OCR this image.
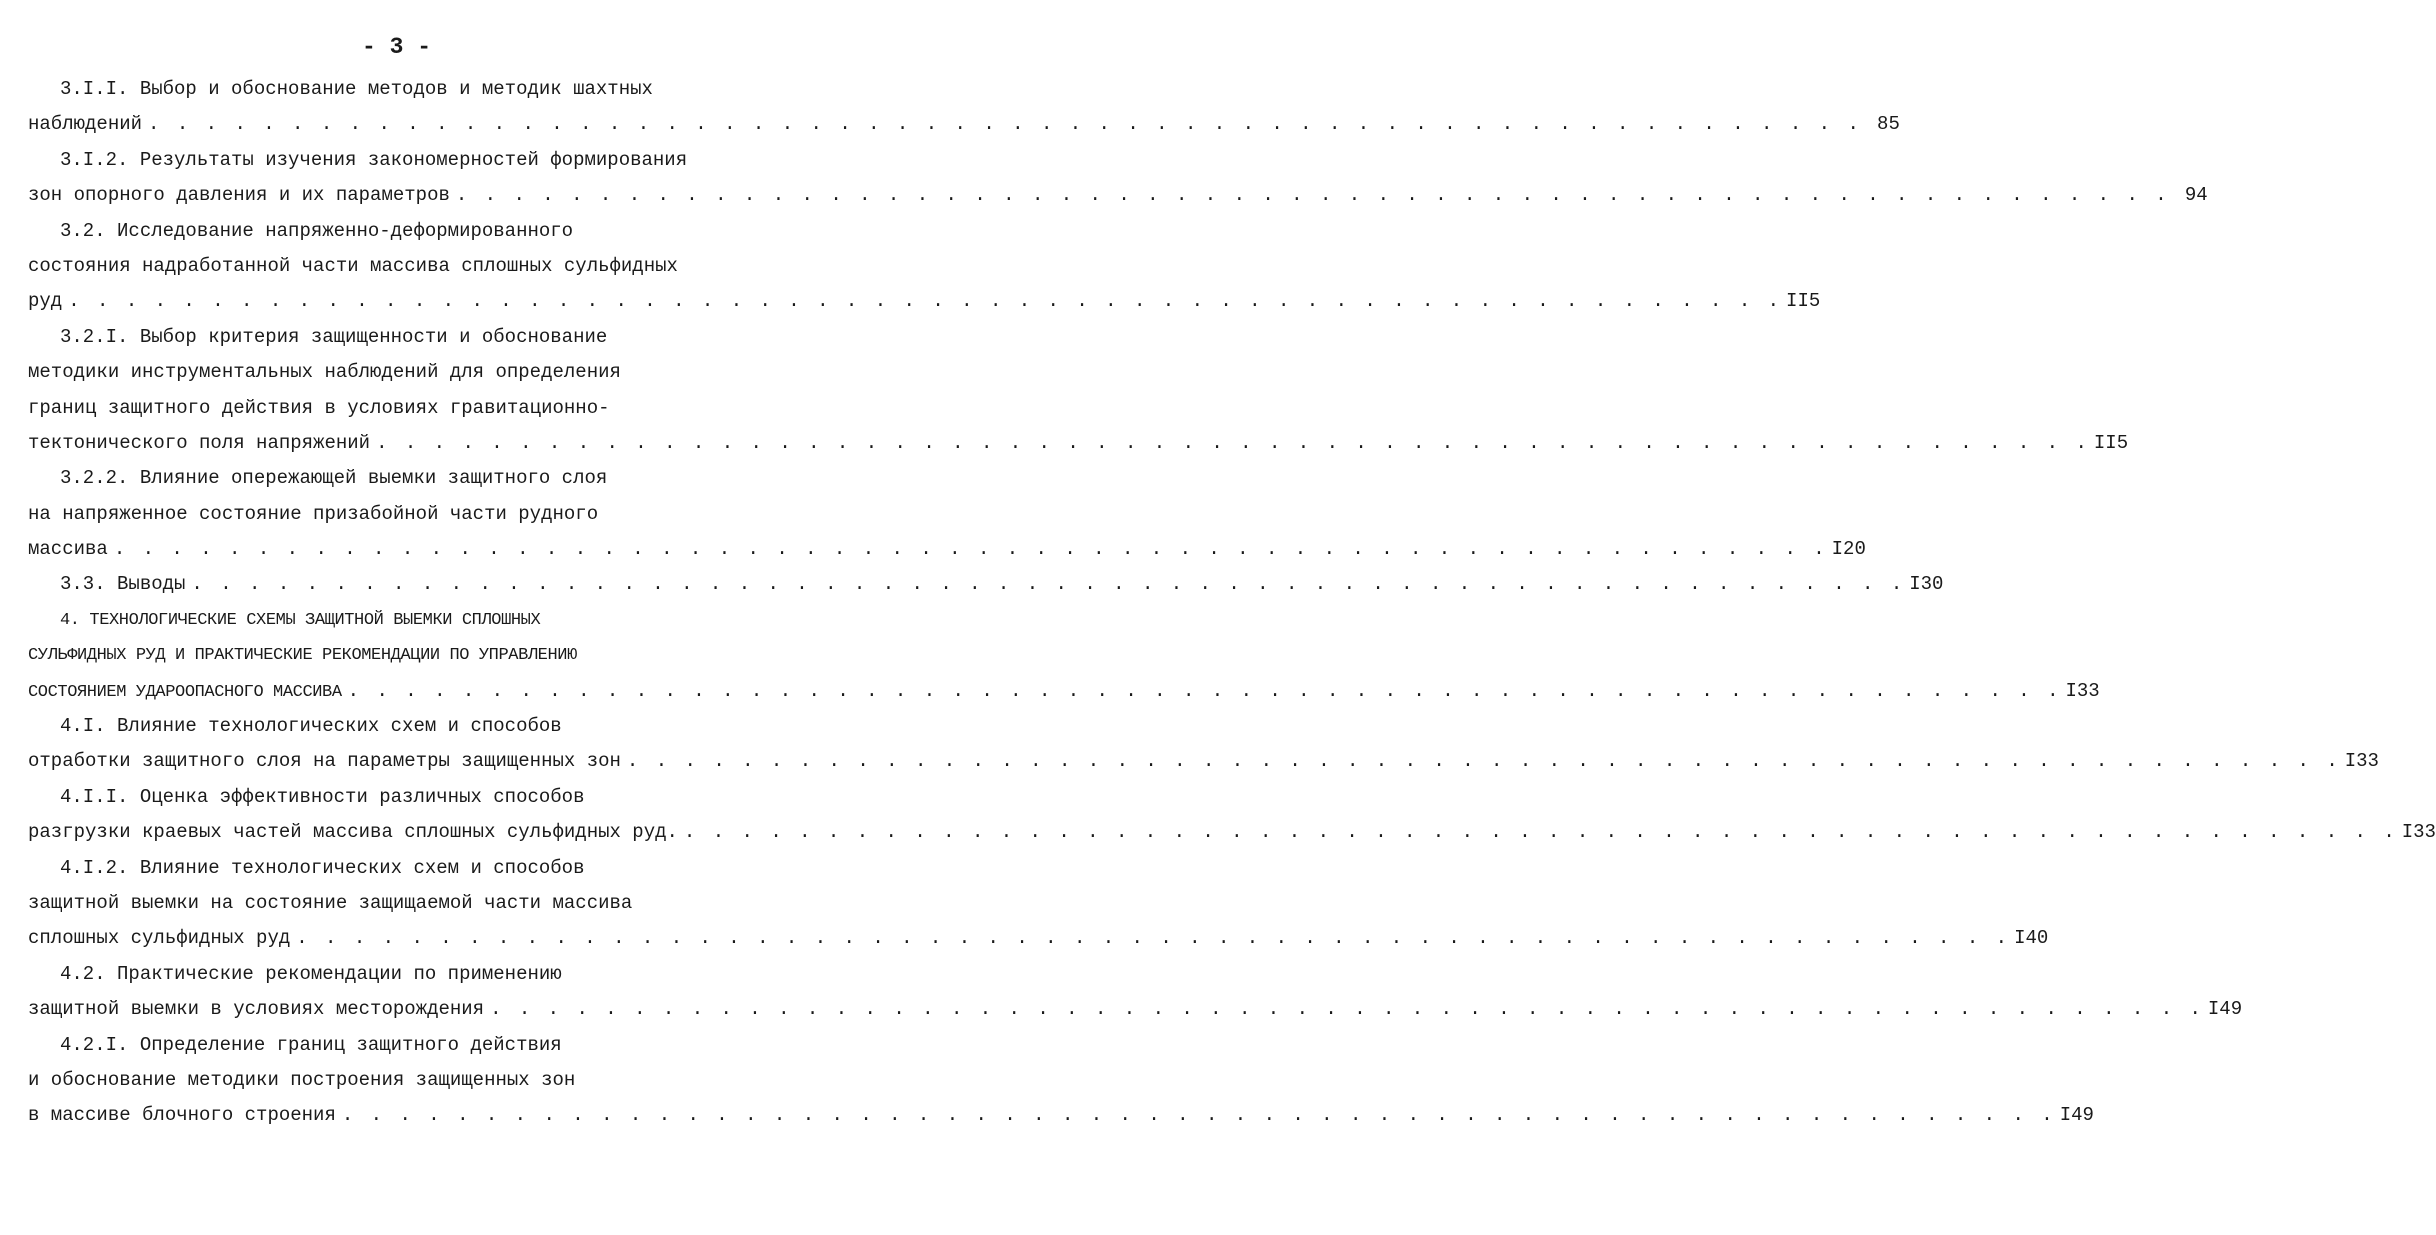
- 3 -
3.I.I. Выбор и обоснование методов и методик шахтных
наблюдений . . . . . . . . . . . . . . . . . . . . . . . . . . . . . . . . . . . . . . . . . . . . . . . . . . . . . . . . . . . . 85
3.I.2. Результаты изучения закономерностей формирования
зон опорного давления и их параметров . . . . . . . . . . . . . . . . . . . . . . . . . . . . . . . . . . . . . . . . . . . . . . . . . . . . . . . . . . . . 94
3.2. Исследование напряженно-деформированного
состояния надработанной части массива сплошных сульфидных
руд . . . . . . . . . . . . . . . . . . . . . . . . . . . . . . . . . . . . . . . . . . . . . . . . . . . . . . . . . . . . II5
3.2.I. Выбор критерия защищенности и обоснование
методики инструментальных наблюдений для определения
границ защитного действия в условиях гравитационно-
тектонического поля напряжений . . . . . . . . . . . . . . . . . . . . . . . . . . . . . . . . . . . . . . . . . . . . . . . . . . . . . . . . . . . . II5
3.2.2. Влияние опережающей выемки защитного слоя
на напряженное состояние призабойной части рудного
массива . . . . . . . . . . . . . . . . . . . . . . . . . . . . . . . . . . . . . . . . . . . . . . . . . . . . . . . . . . . . I20
3.3. Выводы . . . . . . . . . . . . . . . . . . . . . . . . . . . . . . . . . . . . . . . . . . . . . . . . . . . . . . . . . . . . I30
4. ТЕХНОЛОГИЧЕСКИЕ СХЕМЫ ЗАЩИТНОЙ ВЫЕМКИ СПЛОШНЫХ
СУЛЬФИДНЫХ РУД И ПРАКТИЧЕСКИЕ РЕКОМЕНДАЦИИ ПО УПРАВЛЕНИЮ
СОСТОЯНИЕМ УДАРООПАСНОГО МАССИВА . . . . . . . . . . . . . . . . . . . . . . . . . . . . . . . . . . . . . . . . . . . . . . . . . . . . . . . . . . . . I33
4.I. Влияние технологических схем и способов
отработки защитного слоя на параметры защищенных зон . . . . . . . . . . . . . . . . . . . . . . . . . . . . . . . . . . . . . . . . . . . . . . . . . . . . . . . . . . . . I33
4.I.I. Оценка эффективности различных способов
разгрузки краевых частей массива сплошных сульфидных руд. . . . . . . . . . . . . . . . . . . . . . . . . . . . . . . . . . . . . . . . . . . . . . . . . . . . . . . . . . . . . I33
4.I.2. Влияние технологических схем и способов
защитной выемки на состояние защищаемой части массива
сплошных сульфидных руд . . . . . . . . . . . . . . . . . . . . . . . . . . . . . . . . . . . . . . . . . . . . . . . . . . . . . . . . . . . . I40
4.2. Практические рекомендации по применению
защитной выемки в условиях месторождения . . . . . . . . . . . . . . . . . . . . . . . . . . . . . . . . . . . . . . . . . . . . . . . . . . . . . . . . . . . . I49
4.2.I. Определение границ защитного действия
и обоснование методики построения защищенных зон
в массиве блочного строения . . . . . . . . . . . . . . . . . . . . . . . . . . . . . . . . . . . . . . . . . . . . . . . . . . . . . . . . . . . . I49
